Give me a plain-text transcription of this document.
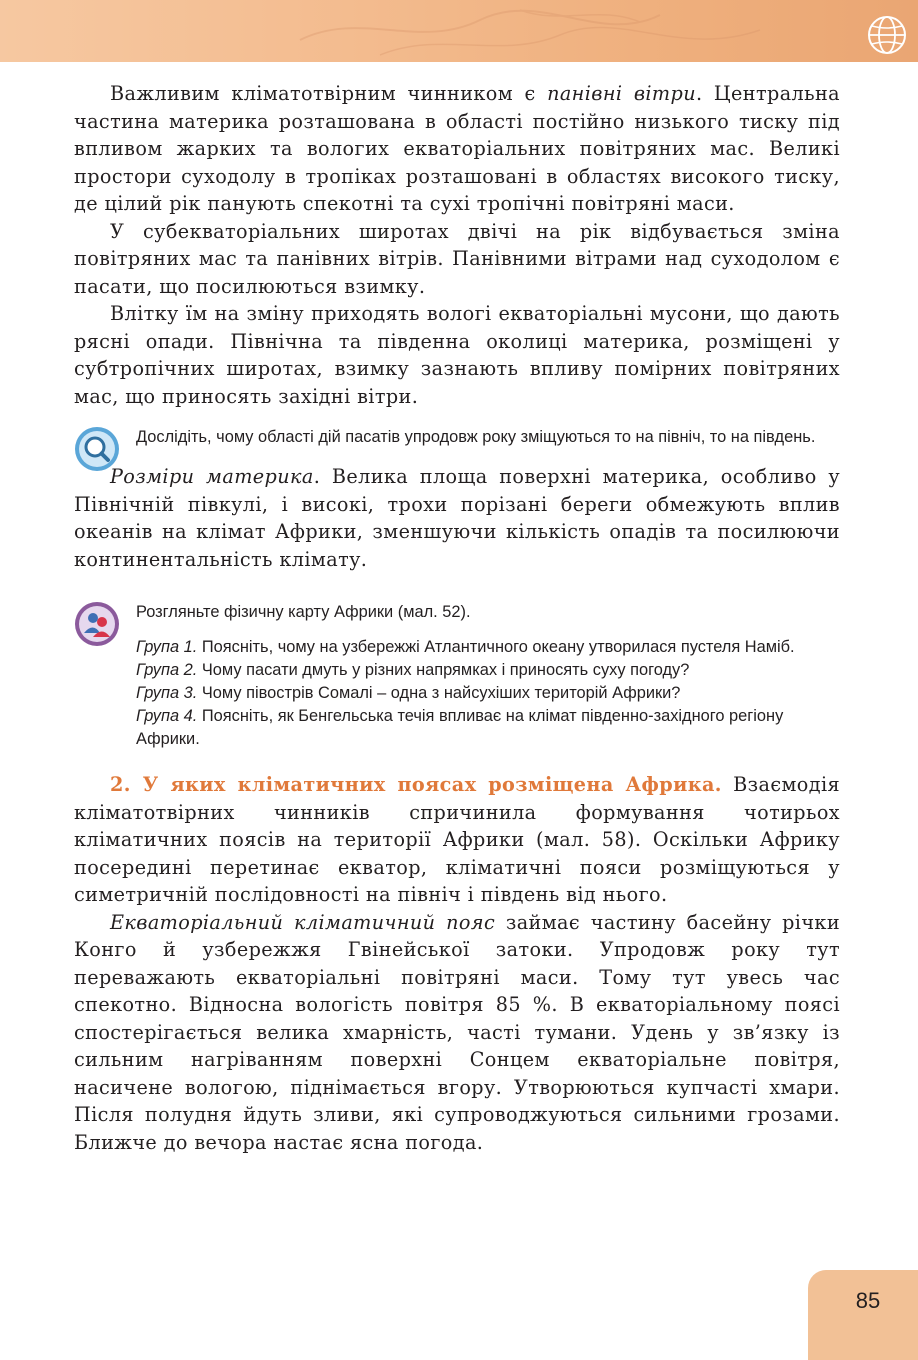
Важливим кліматотвірним чинником є панівні вітри. Центральна частина материка розташована в області постійно низького тиску під впливом жарких та вологих екваторіальних повітряних мас. Великі простори суходолу в тропіках розташовані в областях високого тиску, де цілий рік панують спекотні та сухі тропічні повітряні маси.

У субекваторіальних широтах двічі на рік відбувається зміна повітряних мас та панівних вітрів. Панівними вітрами над суходолом є пасати, що посилюються взимку.

Влітку їм на зміну приходять вологі екваторіальні мусони, що дають рясні опади. Північна та південна околиці материка, розміщені у субтропічних широтах, взимку зазнають впливу помірних повітряних мас, що приносять західні вітри.

Дослідіть, чому області дій пасатів упродовж року зміщуються то на північ, то на південь.

Розміри материка. Велика площа поверхні материка, особливо у Північній півкулі, і високі, трохи порізані береги обмежують вплив океанів на клімат Африки, зменшуючи кількість опадів та посилюючи континентальність клімату.

Розгляньте фізичну карту Африки (мал. 52).

Група 1. Поясніть, чому на узбережжі Атлантичного океану утворилася пустеля Наміб.

Група 2. Чому пасати дмуть у різних напрямках і приносять суху погоду?

Група 3. Чому півострів Сомалі – одна з найсухіших територій Африки?

Група 4. Поясніть, як Бенгельська течія впливає на клімат південно-західного регіону Африки.

2. У яких кліматичних поясах розміщена Африка. Взаємодія кліматотвірних чинників спричинила формування чотирьох кліматичних поясів на території Африки (мал. 58). Оскільки Африку посередині перетинає екватор, кліматичні пояси розміщуються у симетричній послідовності на північ і південь від нього.

Екваторіальний кліматичний пояс займає частину басейну річки Конго й узбережжя Гвінейської затоки. Упродовж року тут переважають екваторіальні повітряні маси. Тому тут увесь час спекотно. Відносна вологість повітря 85 %. В екваторіальному поясі спостерігається велика хмарність, часті тумани. Удень у зв’язку із сильним нагріванням поверхні Сонцем екваторіальне повітря, насичене вологою, піднімається вгору. Утворюються купчасті хмари. Після полудня йдуть зливи, які супроводжуються сильними грозами. Ближче до вечора настає ясна погода.

85
